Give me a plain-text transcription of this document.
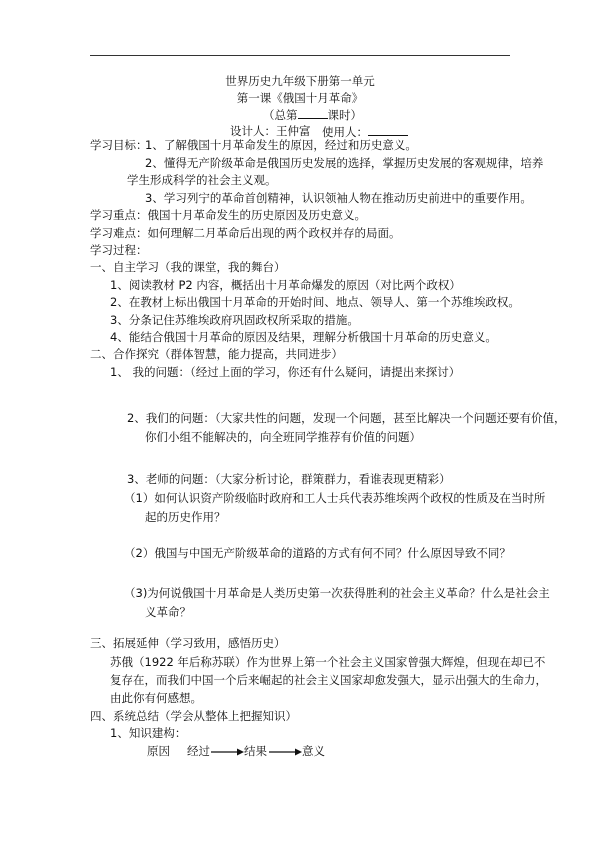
世界历史九年级下册第一单元
第一课《俄国十月革命》
（总第	课时）
设计人：王仲富 使用人：
学习目标：
1、了解俄国十月革命发生的原因，经过和历史意义。
2、懂得无产阶级革命是俄国历史发展的选择，掌握历史发展的客观规律，培养
学生形成科学的社会主义观。
3、学习列宁的革命首创精神，认识领袖人物在推动历史前进中的重要作用。
学习重点：俄国十月革命发生的历史原因及历史意义。
学习难点：如何理解二月革命后出现的两个政权并存的局面。
学习过程：
一、自主学习（我的课堂，我的舞台）
1、阅读教材 P2 内容，概括出十月革命爆发的原因（对比两个政权）
2、在教材上标出俄国十月革命的开始时间、地点、领导人、第一个苏维埃政权。
3、分条记住苏维埃政府巩固政权所采取的措施。
4、能结合俄国十月革命的原因及结果，理解分析俄国十月革命的历史意义。
二、合作探究（群体智慧，能力提高，共同进步）
1、 我的问题：（经过上面的学习，你还有什么疑问，请提出来探讨）
2、我们的问题：（大家共性的问题，发现一个问题，甚至比解决一个问题还要有价值，
你们小组不能解决的，向全班同学推荐有价值的问题）
3、老师的问题：（大家分析讨论，群策群力，看谁表现更精彩）
（1）如何认识资产阶级临时政府和工人士兵代表苏维埃两个政权的性质及在当时所
起的历史作用？
（2）俄国与中国无产阶级革命的道路的方式有何不同？什么原因导致不同？
（3)为何说俄国十月革命是人类历史第一次获得胜利的社会主义革命？什么是社会主
义革命？
三、拓展延伸（学习致用，感悟历史）
苏俄（1922 年后称苏联）作为世界上第一个社会主义国家曾强大辉煌，但现在却已不
复存在，而我们中国一个后来崛起的社会主义国家却愈发强大，显示出强大的生命力，
由此你有何感想。
四、系统总结（学会从整体上把握知识）
1、知识建构：
原因 经过	结果	意义
